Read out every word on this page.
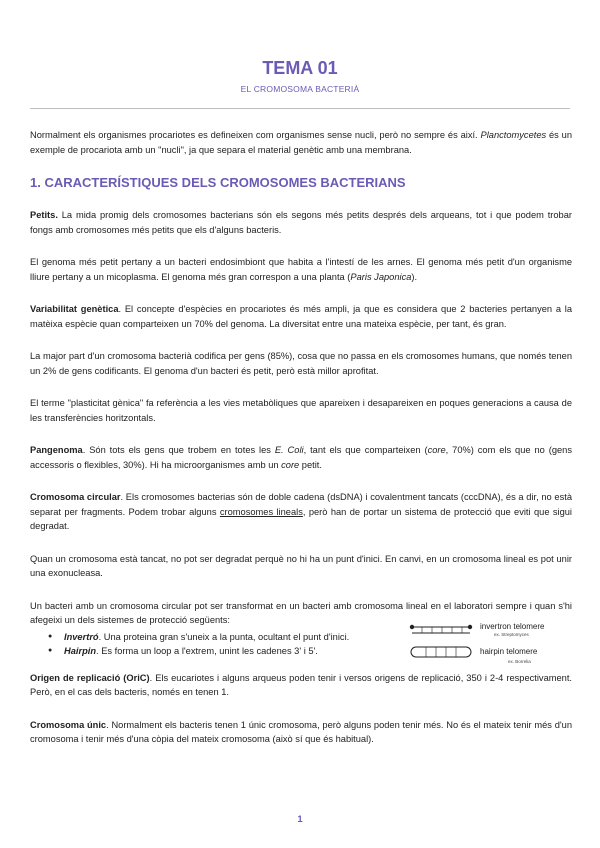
TEMA 01
EL CROMOSOMA BACTERIÀ

Normalment els organismes procariotes es defineixen com organismes sense nucli, però no sempre és així. Planctomycetes és un exemple de procariota amb un "nucli", ja que separa el material genètic amb una membrana.

1. CARACTERÍSTIQUES DELS CROMOSOMES BACTERIANS

Petits. La mida promig dels cromosomes bacterians són els segons més petits després dels arqueans, tot i que podem trobar fongs amb cromosomes més petits que els d'alguns bacteris.

El genoma més petit pertany a un bacteri endosimbiont que habita a l'intestí de les arnes. El genoma més petit d'un organisme lliure pertany a un micoplasma. El genoma més gran correspon a una planta (Paris Japonica).

Variabilitat genètica. El concepte d'espècies en procariotes és més ampli, ja que es considera que 2 bacteries pertanyen a la matèixa espècie quan comparteixen un 70% del genoma. La diversitat entre una mateixa espècie, per tant, és gran.

La major part d'un cromosoma bacterià codifica per gens (85%), cosa que no passa en els cromosomes humans, que només tenen un 2% de gens codificants. El genoma d'un bacteri és petit, però està millor aprofitat.

El terme "plasticitat gènica" fa referència a les vies metabòliques que apareixen i desapareixen en poques generacions a causa de les transferències horitzontals.

Pangenoma. Són tots els gens que trobem en totes les E. Coli, tant els que comparteixen (core, 70%) com els que no (gens accessoris o flexibles, 30%). Hi ha microorganismes amb un core petit.

Cromosoma circular. Els cromosomes bacterias són de doble cadena (dsDNA) i covalentment tancats (cccDNA), és a dir, no està separat per fragments. Podem trobar alguns cromosomes lineals, però han de portar un sistema de protecció que eviti que sigui degradat.

Quan un cromosoma està tancat, no pot ser degradat perquè no hi ha un punt d'inici. En canvi, en un cromosoma lineal es pot unir una exonucleasa.

Un bacteri amb un cromosoma circular pot ser transformat en un bacteri amb cromosoma lineal en el laboratori sempre i quan s'hi afegeixi un dels sistemes de protecció següents:

● Invertró. Una proteina gran s'uneix a la punta, ocultant el punt d'inici.
● Hairpin. Es forma un loop a l'extrem, unint les cadenes 3' i 5'.
invertron telomere
ex. Streptomyces
hairpin telomere
ex. Borrelia

Origen de replicació (OriC). Els eucariotes i alguns arqueus poden tenir i versos origens de replicació, 350 i 2-4 respectivament. Però, en el cas dels bacteris, només en tenen 1.

Cromosoma únic. Normalment els bacteris tenen 1 únic cromosoma, però alguns poden tenir més. No és el mateix tenir més d'un cromosoma i tenir més d'una còpia del mateix cromosoma (això sí que és habitual).

1
